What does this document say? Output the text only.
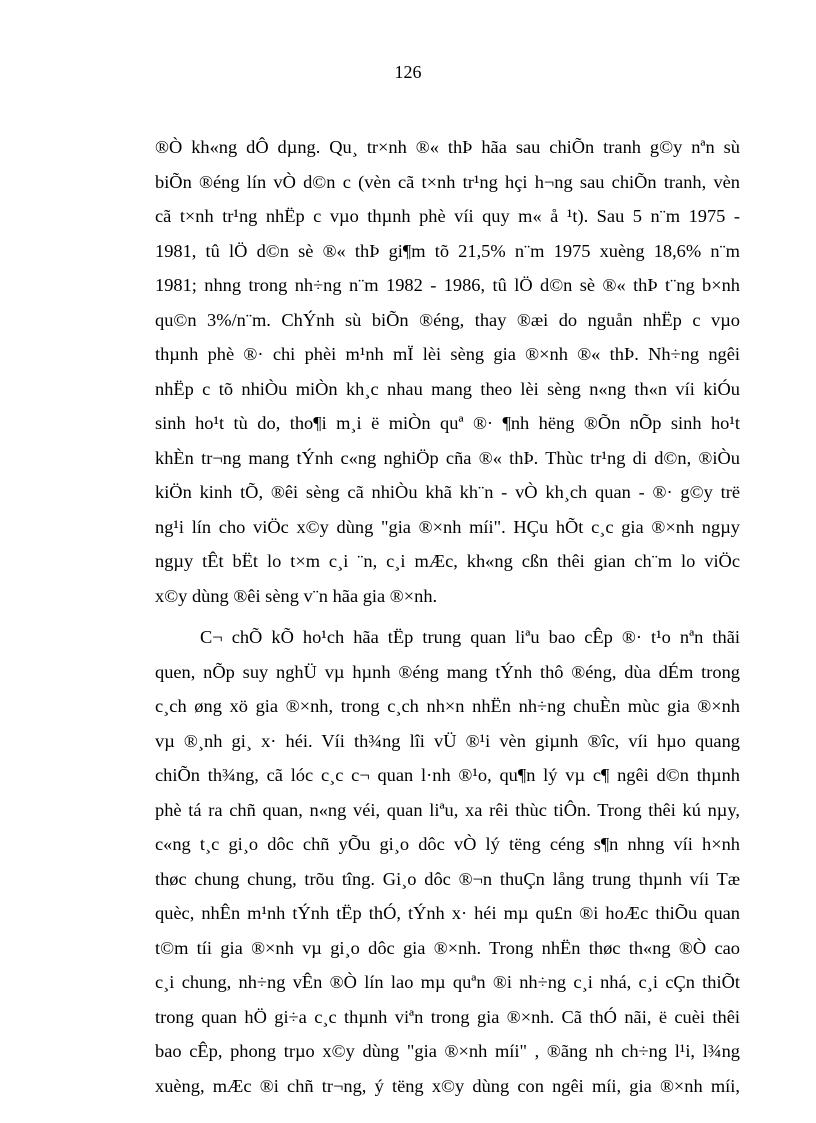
126
®Ò kh«ng dÔ dµng. Qu¸ tr×nh ®« thÞ hãa sau chiÕn tranh g©y nªn sù
biÕn ®éng lín vÒ d©n c (vèn cã t×nh tr¹ng hçi h¬ng sau chiÕn tranh, vèn
cã t×nh tr¹ng nhËp c vµo thµnh phè víi quy m« å ¹t). Sau 5 n¨m 1975 -
1981, tû lÖ d©n sè ®« thÞ gi¶m tõ 21,5% n¨m 1975 xuèng 18,6% n¨m
1981; nhng trong nh÷ng n¨m 1982 - 1986, tû lÖ d©n sè ®« thÞ t¨ng b×nh
qu©n 3%/n¨m. ChÝnh sù biÕn ®éng, thay ®æi do nguån nhËp c vµo
thµnh phè ®· chi phèi m¹nh mÏ lèi sèng gia ®×nh ®« thÞ. Nh÷ng ngêi
nhËp c tõ nhiÒu miÒn kh¸c nhau mang theo lèi sèng n«ng th«n víi kiÓu
sinh ho¹t tù do, tho¶i m¸i ë miÒn quª ®· ¶nh hëng ®Õn nÕp sinh ho¹t
khÈn tr¬ng mang tÝnh c«ng nghiÖp cña ®« thÞ. Thùc tr¹ng di d©n, ®iÒu
kiÖn kinh tÕ, ®êi sèng cã nhiÒu khã kh¨n - vÒ kh¸ch quan - ®· g©y trë
ng¹i lín cho viÖc x©y dùng "gia ®×nh míi". HÇu hÕt c¸c gia ®×nh ngµy
ngµy tÊt bËt lo t×m c¸i ¨n, c¸i mÆc, kh«ng cßn thêi gian ch¨m lo viÖc
x©y dùng ®êi sèng v¨n hãa gia ®×nh.
C¬ chÕ kÕ ho¹ch hãa tËp trung quan liªu bao cÊp ®· t¹o nªn thãi
quen, nÕp suy nghÜ vµ hµnh ®éng mang tÝnh thô ®éng, dùa dÉm trong
c¸ch øng xö gia ®×nh, trong c¸ch nh×n nhËn nh÷ng chuÈn mùc gia ®×nh
vµ ®¸nh gi¸ x· héi. Víi th¾ng lîi vÜ ®¹i vèn giµnh ®îc, víi hµo quang
chiÕn th¾ng, cã lóc c¸c c¬ quan l·nh ®¹o, qu¶n lý vµ c¶ ngêi d©n thµnh
phè tá ra chñ quan, n«ng véi, quan liªu, xa rêi thùc tiÔn. Trong thêi kú nµy,
c«ng t¸c gi¸o dôc chñ yÕu gi¸o dôc vÒ lý tëng céng s¶n nhng víi h×nh
thøc chung chung, trõu tîng. Gi¸o dôc ®¬n thuÇn lång trung thµnh víi Tæ
quèc, nhÊn m¹nh tÝnh tËp thÓ, tÝnh x· héi mµ qu£n ®i hoÆc thiÕu quan
t©m tíi gia ®×nh vµ gi¸o dôc gia ®×nh. Trong nhËn thøc th«ng ®Ò cao
c¸i chung, nh÷ng vÊn ®Ò lín lao mµ quªn ®i nh÷ng c¸i nhá, c¸i cÇn thiÕt
trong quan hÖ gi÷a c¸c thµnh viªn trong gia ®×nh. Cã thÓ nãi, ë cuèi thêi
bao cÊp, phong trµo x©y dùng "gia ®×nh míi" , ®ãng nh ch÷ng l¹i, l¾ng
xuèng, mÆc ®i chñ tr¬ng, ý tëng x©y dùng con ngêi míi, gia ®×nh míi,
